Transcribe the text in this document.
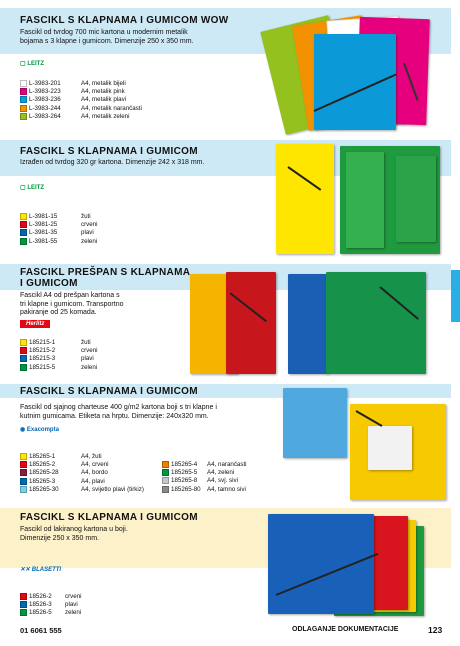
FASCIKL S KLAPNAMA I GUMICOM WOW
Fascikl od tvrdog 700 mic kartona u modernim metalik
bojama s 3 klapne i gumicom. Dimenzije 250 x 350 mm.
▢ LEITZ
L-3983-201	A4, metalik bijeli
L-3983-223	A4, metalik pink
L-3983-236	A4, metalik plavi
L-3983-244	A4, metalik narančasti
L-3983-264	A4, metalik zeleni
FASCIKL S KLAPNAMA I GUMICOM
Izrađen od tvrdog 320 gr kartona. Dimenzije 242 x 318 mm.
▢ LEITZ
L-3981-15	žuti
L-3981-25	crveni
L-3981-35	plavi
L-3981-55	zeleni
FASCIKL PREŠPAN S KLAPNAMA I GUMICOM
Fascikl A4 od prešpan kartona s
tri klapne i gumicom. Transportno
pakiranje od 25 komada.
Herlitz
185215-1	žuti
185215-2	crveni
185215-3	plavi
185215-5	zeleni
FASCIKL S KLAPNAMA I GUMICOM
Fascikl od sjajnog charteuse 400 g/m2 kartona boji s tri klapne i
kutnim gumicama. Etiketa na hrptu. Dimenzije: 240x320 mm.
◉ Exacompta
185265-1	A4, žuti
185265-2	A4, crveni
185265-28	A4, bordo
185265-3	A4, plavi
185265-30	A4, svijetlo plavi (tirkiz)
185265-4	A4, narančasti
185265-5	A4, zeleni
185265-8	A4, svj. sivi
185265-80	A4, tamno sivi
FASCIKL S KLAPNAMA I GUMICOM
Fascikl od lakiranog kartona u boji.
Dimenzije 250 x 350 mm.
✕✕ BLASETTI
18526-2	crveni
18526-3	plavi
18526-5	zeleni
01 6061 555	ODLAGANJE DOKUMENTACIJE	123
